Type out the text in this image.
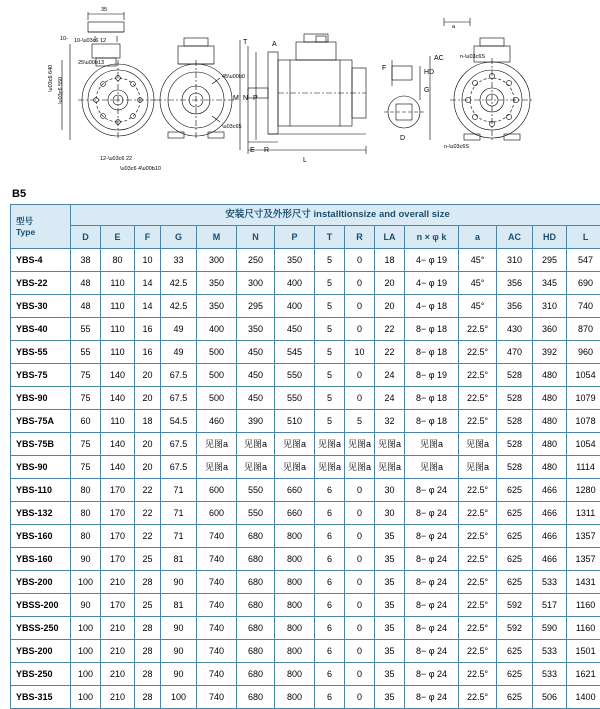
35
10-\u03c6 12
10-
25\u00b13
\u03c6 640 \u03c6 550
12-\u03c6 22
\u03c6 4\u00b10
45\u00b0
\u03c65
T
M N P
A
L
E R
F
D
G
HD
AC
a
n-\u03c6S
n-\u03c6S
B5
型号
Type	安装尺寸及外形尺寸 installtionsize and overall size														
	D	E	F	G	M	N	P	T	R	LA	n × φ k	a	AC	HD	L
YBS-4	38	80	10	33	300	250	350	5	0	18	4− φ 19	45°	310	295	547
YBS-22	48	110	14	42.5	350	300	400	5	0	20	4− φ 19	45°	356	345	690
YBS-30	48	110	14	42.5	350	295	400	5	0	20	4− φ 18	45°	356	310	740
YBS-40	55	110	16	49	400	350	450	5	0	22	8− φ 18	22.5°	430	360	870
YBS-55	55	110	16	49	500	450	545	5	10	22	8− φ 18	22.5°	470	392	960
YBS-75	75	140	20	67.5	500	450	550	5	0	24	8− φ 19	22.5°	528	480	1054
YBS-90	75	140	20	67.5	500	450	550	5	0	24	8− φ 18	22.5°	528	480	1079
YBS-75A	60	110	18	54.5	460	390	510	5	5	32	8− φ 18	22.5°	528	480	1078
YBS-75B	75	140	20	67.5	见图a	见图a	见图a	见图a	见图a	见图a	见图a	见图a	528	480	1054
YBS-90	75	140	20	67.5	见图a	见图a	见图a	见图a	见图a	见图a	见图a	见图a	528	480	1114
YBS-110	80	170	22	71	600	550	660	6	0	30	8− φ 24	22.5°	625	466	1280
YBS-132	80	170	22	71	600	550	660	6	0	30	8− φ 24	22.5°	625	466	1311
YBS-160	80	170	22	71	740	680	800	6	0	35	8− φ 24	22.5°	625	466	1357
YBS-160	90	170	25	81	740	680	800	6	0	35	8− φ 24	22.5°	625	466	1357
YBS-200	100	210	28	90	740	680	800	6	0	35	8− φ 24	22.5°	625	533	1431
YBSS-200	90	170	25	81	740	680	800	6	0	35	8− φ 24	22.5°	592	517	1160
YBSS-250	100	210	28	90	740	680	800	6	0	35	8− φ 24	22.5°	592	590	1160
YBS-200	100	210	28	90	740	680	800	6	0	35	8− φ 24	22.5°	625	533	1501
YBS-250	100	210	28	90	740	680	800	6	0	35	8− φ 24	22.5°	625	533	1621
YBS-315	100	210	28	100	740	680	800	6	0	35	8− φ 24	22.5°	625	506	1400
